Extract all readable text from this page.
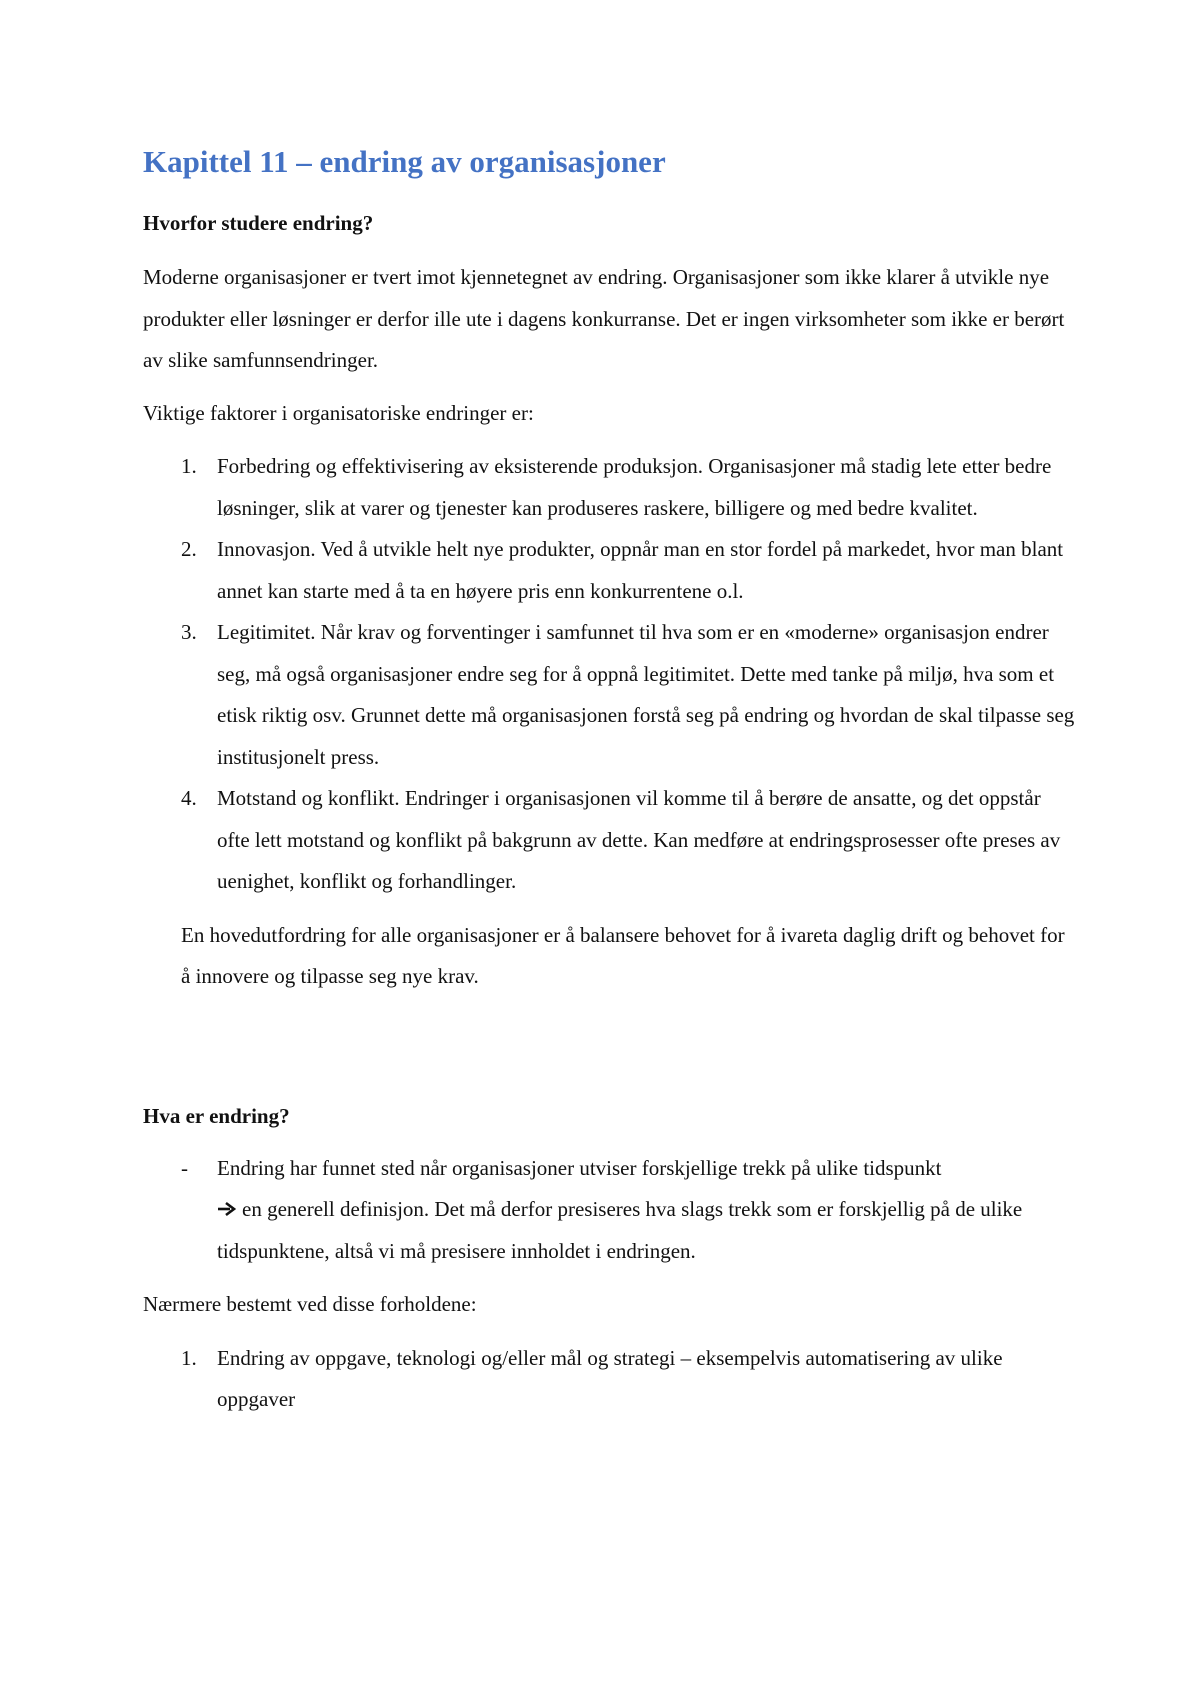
Kapittel 11 – endring av organisasjoner
Hvorfor studere endring?

Moderne organisasjoner er tvert imot kjennetegnet av endring. Organisasjoner som ikke klarer å utvikle nye produkter eller løsninger er derfor ille ute i dagens konkurranse. Det er ingen virksomheter som ikke er berørt av slike samfunnsendringer.

Viktige faktorer i organisatoriske endringer er:

1. Forbedring og effektivisering av eksisterende produksjon. Organisasjoner må stadig lete etter bedre løsninger, slik at varer og tjenester kan produseres raskere, billigere og med bedre kvalitet.
2. Innovasjon. Ved å utvikle helt nye produkter, oppnår man en stor fordel på markedet, hvor man blant annet kan starte med å ta en høyere pris enn konkurrentene o.l.
3. Legitimitet. Når krav og forventinger i samfunnet til hva som er en «moderne» organisasjon endrer seg, må også organisasjoner endre seg for å oppnå legitimitet. Dette med tanke på miljø, hva som et etisk riktig osv. Grunnet dette må organisasjonen forstå seg på endring og hvordan de skal tilpasse seg institusjonelt press.
4. Motstand og konflikt. Endringer i organisasjonen vil komme til å berøre de ansatte, og det oppstår ofte lett motstand og konflikt på bakgrunn av dette. Kan medføre at endringsprosesser ofte preses av uenighet, konflikt og forhandlinger.

En hovedutfordring for alle organisasjoner er å balansere behovet for å ivareta daglig drift og behovet for å innovere og tilpasse seg nye krav.

Hva er endring?
- Endring har funnet sted når organisasjoner utviser forskjellige trekk på ulike tidspunkt
en generell definisjon. Det må derfor presiseres hva slags trekk som er forskjellig på de ulike tidspunktene, altså vi må presisere innholdet i endringen.

Nærmere bestemt ved disse forholdene:

1. Endring av oppgave, teknologi og/eller mål og strategi – eksempelvis automatisering av ulike oppgaver
